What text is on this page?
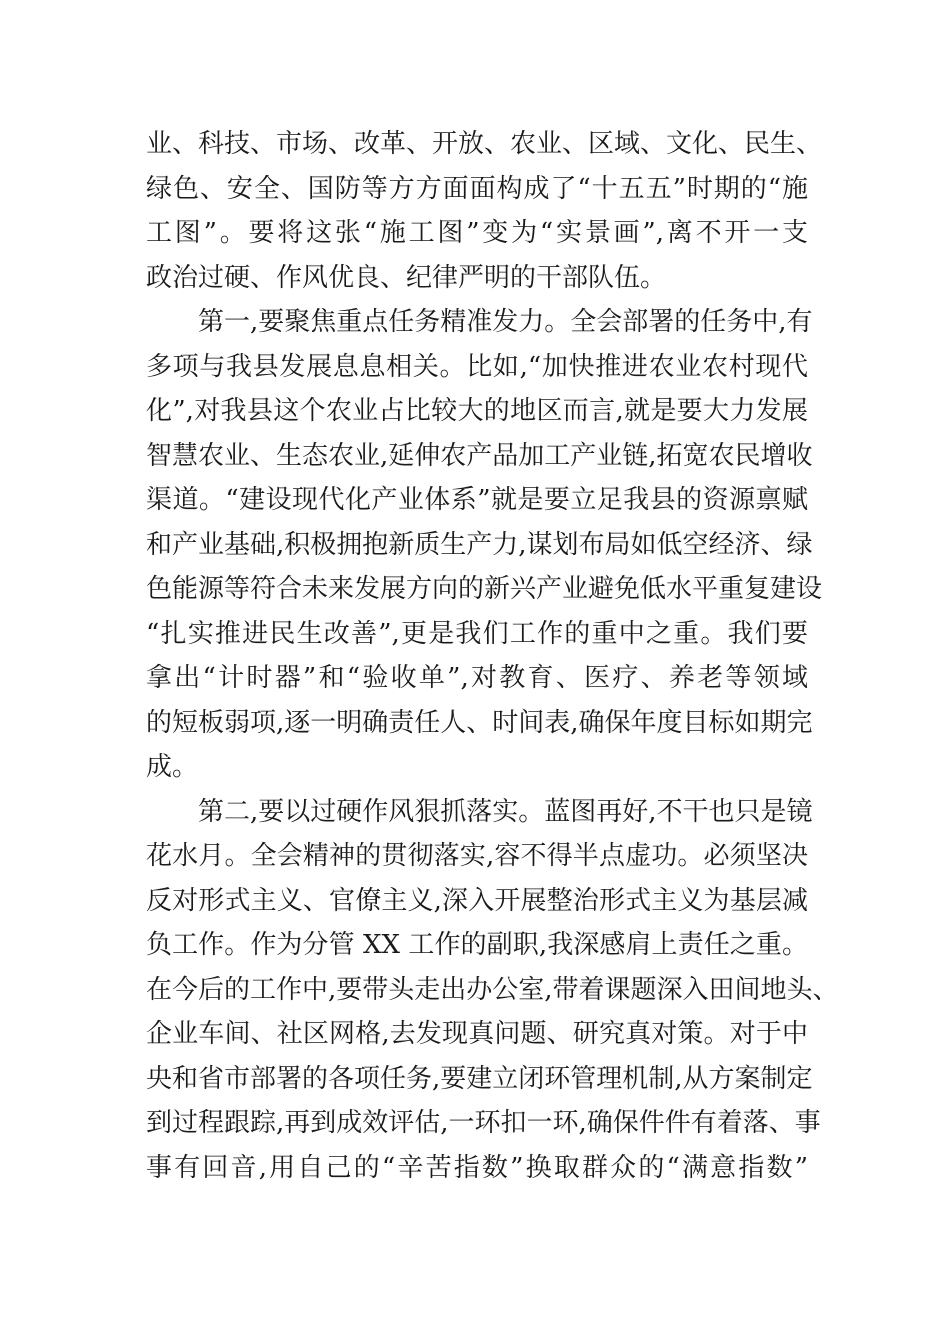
业、科技、市场、改革、开放、农业、区域、文化、民生、
绿色、安全、国防等方方面面构成了“十五五”时期的“施
工图”。要将这张“施工图”变为“实景画”,离不开一支
政治过硬、作风优良、纪律严明的干部队伍。
第一,要聚焦重点任务精准发力。全会部署的任务中,有
多项与我县发展息息相关。比如,“加快推进农业农村现代
化”,对我县这个农业占比较大的地区而言,就是要大力发展
智慧农业、生态农业,延伸农产品加工产业链,拓宽农民增收
渠道。“建设现代化产业体系”就是要立足我县的资源禀赋
和产业基础,积极拥抱新质生产力,谋划布局如低空经济、绿
色能源等符合未来发展方向的新兴产业避免低水平重复建设
“扎实推进民生改善”,更是我们工作的重中之重。我们要
拿出“计时器”和“验收单”,对教育、医疗、养老等领域
的短板弱项,逐一明确责任人、时间表,确保年度目标如期完
成。
第二,要以过硬作风狠抓落实。蓝图再好,不干也只是镜
花水月。全会精神的贯彻落实,容不得半点虚功。必须坚决
反对形式主义、官僚主义,深入开展整治形式主义为基层减
负工作。作为分管 XX 工作的副职,我深感肩上责任之重。
在今后的工作中,要带头走出办公室,带着课题深入田间地头、
企业车间、社区网格,去发现真问题、研究真对策。对于中
央和省市部署的各项任务,要建立闭环管理机制,从方案制定
到过程跟踪,再到成效评估,一环扣一环,确保件件有着落、事
事有回音,用自己的“辛苦指数”换取群众的“满意指数”
